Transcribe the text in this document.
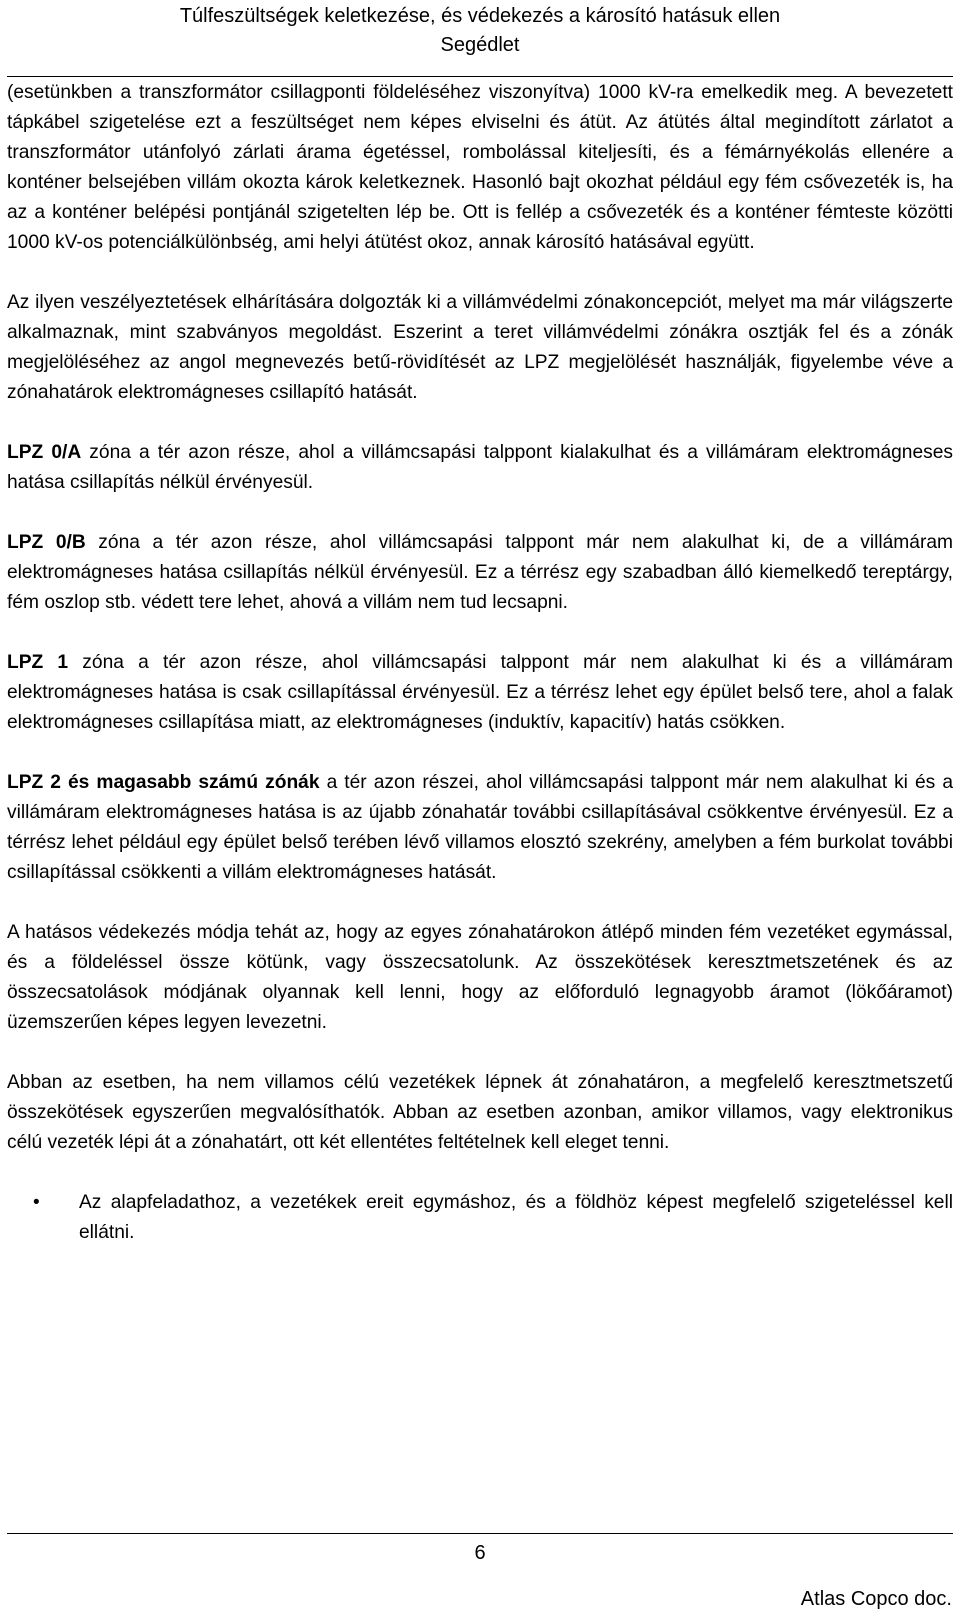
Túlfeszültségek keletkezése, és védekezés a károsító hatásuk ellen
Segédlet

(esetünkben a transzformátor csillagponti földeléséhez viszonyítva) 1000 kV-ra emelkedik meg. A bevezetett tápkábel szigetelése ezt a feszültséget nem képes elviselni és átüt. Az átütés által megindított zárlatot a transzformátor utánfolyó zárlati árama égetéssel, rombolással kiteljesíti, és a fémárnyékolás ellenére a konténer belsejében villám okozta károk keletkeznek. Hasonló bajt okozhat például egy fém csővezeték is, ha az a konténer belépési pontjánál szigetelten lép be. Ott is fellép a csővezeték és a konténer fémteste közötti 1000 kV-os potenciálkülönbség, ami helyi átütést okoz, annak károsító hatásával együtt.

Az ilyen veszélyeztetések elhárítására dolgozták ki a villámvédelmi zónakoncepciót, melyet ma már világszerte alkalmaznak, mint szabványos megoldást. Eszerint a teret villámvédelmi zónákra osztják fel és a zónák megjelöléséhez az angol megnevezés betű-rövidítését az LPZ megjelölését használják, figyelembe véve a zónahatárok elektromágneses csillapító hatását.

LPZ 0/A zóna a tér azon része, ahol a villámcsapási talppont kialakulhat és a villámáram elektromágneses hatása csillapítás nélkül érvényesül.

LPZ 0/B zóna a tér azon része, ahol villámcsapási talppont már nem alakulhat ki, de a villámáram elektromágneses hatása csillapítás nélkül érvényesül. Ez a térrész egy szabadban álló kiemelkedő tereptárgy, fém oszlop stb. védett tere lehet, ahová a villám nem tud lecsapni.

LPZ 1 zóna a tér azon része, ahol villámcsapási talppont már nem alakulhat ki és a villámáram elektromágneses hatása is csak csillapítással érvényesül. Ez a térrész lehet egy épület belső tere, ahol a falak elektromágneses csillapítása miatt, az elektromágneses (induktív, kapacitív) hatás csökken.

LPZ 2 és magasabb számú zónák a tér azon részei, ahol villámcsapási talppont már nem alakulhat ki és a villámáram elektromágneses hatása is az újabb zónahatár további csillapításával csökkentve érvényesül. Ez a térrész lehet például egy épület belső terében lévő villamos elosztó szekrény, amelyben a fém burkolat további csillapítással csökkenti a villám elektromágneses hatását.

A hatásos védekezés módja tehát az, hogy az egyes zónahatárokon átlépő minden fém vezetéket egymással, és a földeléssel össze kötünk, vagy összecsatolunk. Az összekötések keresztmetszetének és az összecsatolások módjának olyannak kell lenni, hogy az előforduló legnagyobb áramot (lökőáramot) üzemszerűen képes legyen levezetni.

Abban az esetben, ha nem villamos célú vezetékek lépnek át zónahatáron, a megfelelő keresztmetszetű összekötések egyszerűen megvalósíthatók. Abban az esetben azonban, amikor villamos, vagy elektronikus célú vezeték lépi át a zónahatárt, ott két ellentétes feltételnek kell eleget tenni.

• Az alapfeladathoz, a vezetékek ereit egymáshoz, és a földhöz képest megfelelő szigeteléssel kell ellátni.
6
Atlas Copco doc.
